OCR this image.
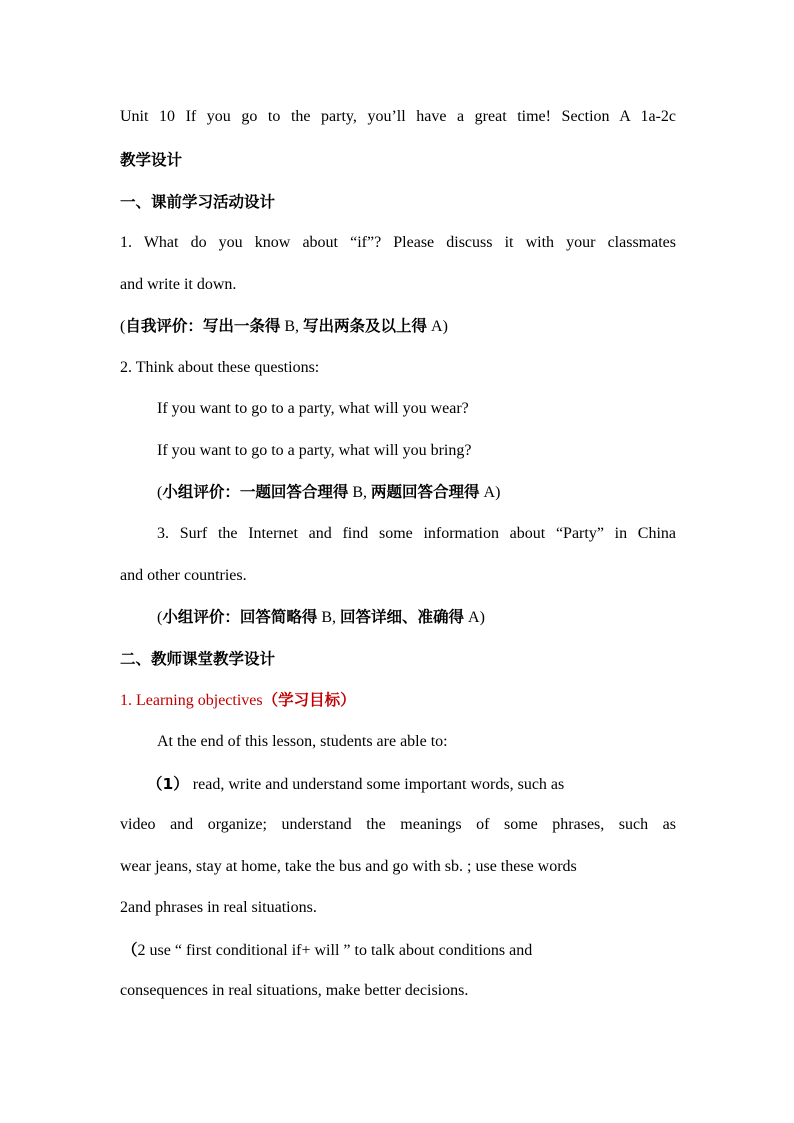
Unit 10 If you go to the party, you’ll have a great time! Section A 1a-2c
教学设计
一、课前学习活动设计
1. What do you know about “if”? Please discuss it with your classmates
and write it down.
(自我评价：写出一条得 B, 写出两条及以上得 A)
2. Think about these questions:
If you want to go to a party, what will you wear?
If you want to go to a party, what will you bring?
(小组评价：一题回答合理得 B, 两题回答合理得 A)
3. Surf the Internet and find some information about “Party” in China
and other countries.
(小组评价：回答简略得 B, 回答详细、准确得 A)
二、教师课堂教学设计
1. Learning objectives（学习目标）
At the end of this lesson, students are able to:
（1） read, write and understand some important words, such as
video and organize; understand the meanings of some phrases, such as
wear jeans, stay at home, take the bus and go with sb. ; use these words
2and phrases in real situations.
（2 use “ first conditional if+ will ” to talk about conditions and
consequences in real situations, make better decisions.
